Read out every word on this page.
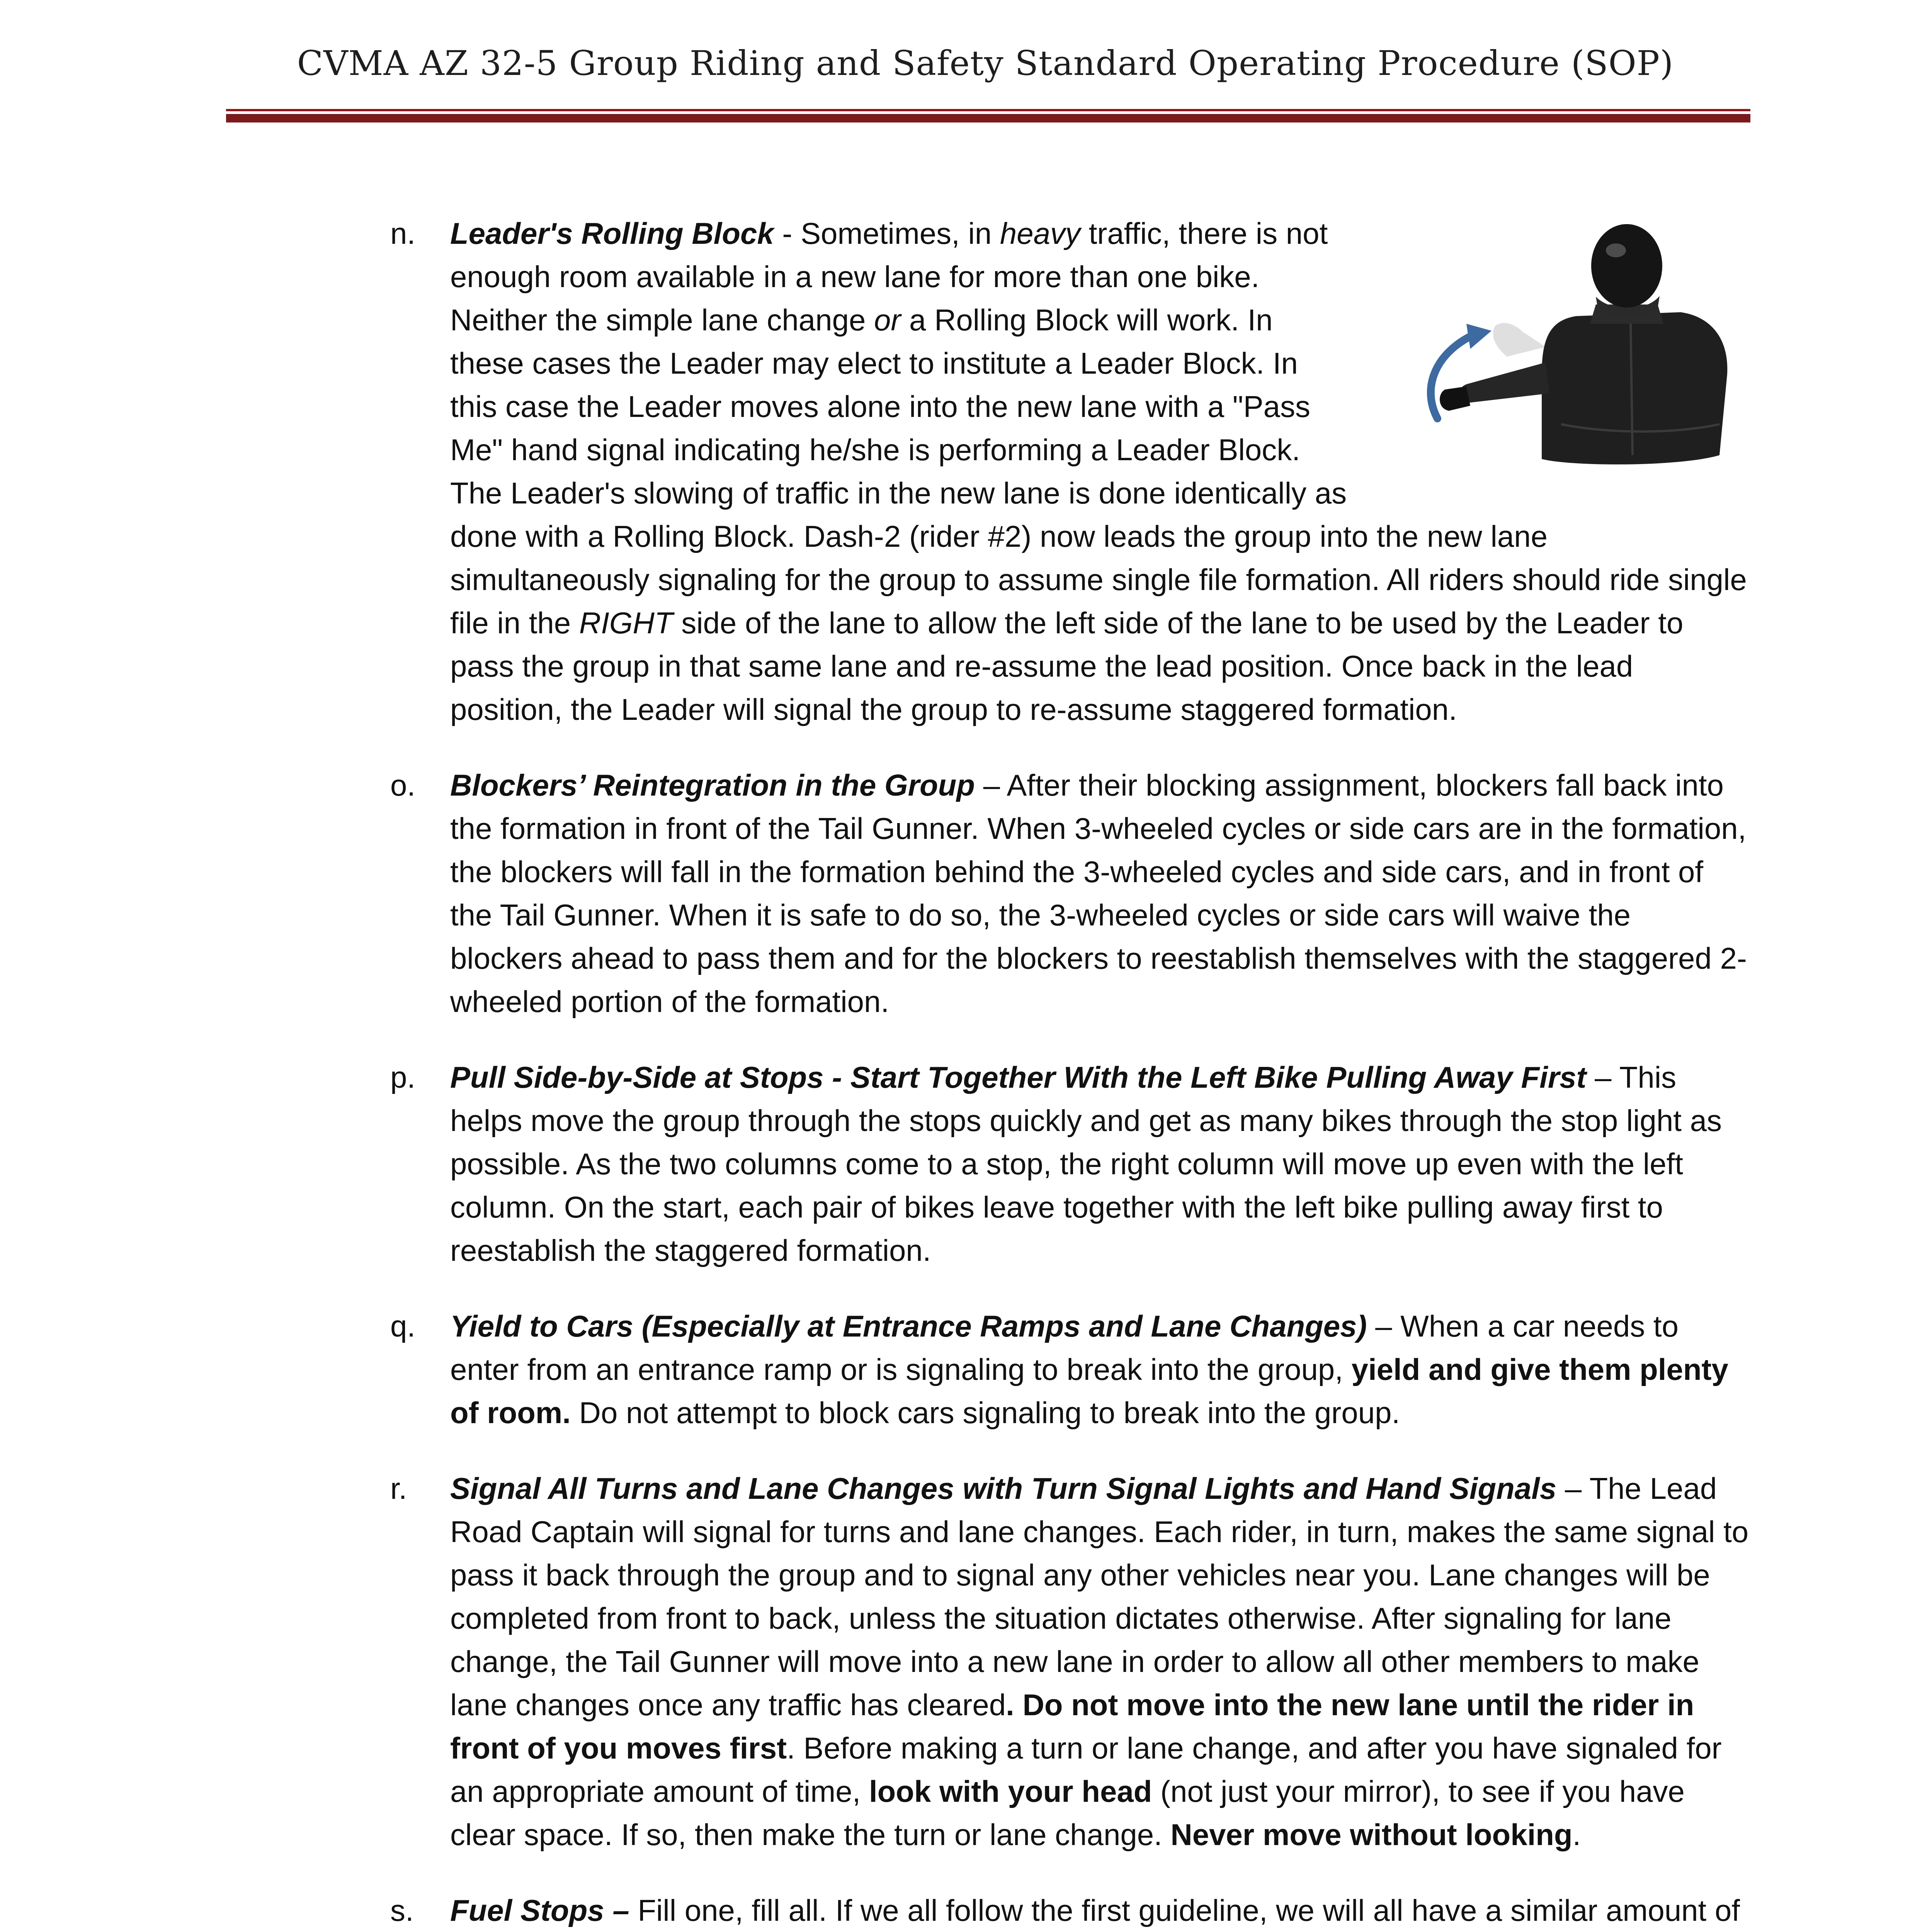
CVMA AZ 32-5 Group Riding and Safety Standard Operating Procedure (SOP)
n. Leader's Rolling Block - Sometimes, in heavy traffic, there is not enough room available in a new lane for more than one bike. Neither the simple lane change or a Rolling Block will work. In these cases the Leader may elect to institute a Leader Block. In this case the Leader moves alone into the new lane with a "Pass Me" hand signal indicating he/she is performing a Leader Block. The Leader's slowing of traffic in the new lane is done identically as done with a Rolling Block. Dash-2 (rider #2) now leads the group into the new lane simultaneously signaling for the group to assume single file formation. All riders should ride single file in the RIGHT side of the lane to allow the left side of the lane to be used by the Leader to pass the group in that same lane and re-assume the lead position. Once back in the lead position, the Leader will signal the group to re-assume staggered formation.
o. Blockers’ Reintegration in the Group – After their blocking assignment, blockers fall back into the formation in front of the Tail Gunner. When 3-wheeled cycles or side cars are in the formation, the blockers will fall in the formation behind the 3-wheeled cycles and side cars, and in front of the Tail Gunner. When it is safe to do so, the 3-wheeled cycles or side cars will waive the blockers ahead to pass them and for the blockers to reestablish themselves with the staggered 2-wheeled portion of the formation.
p. Pull Side-by-Side at Stops - Start Together With the Left Bike Pulling Away First – This helps move the group through the stops quickly and get as many bikes through the stop light as possible. As the two columns come to a stop, the right column will move up even with the left column. On the start, each pair of bikes leave together with the left bike pulling away first to reestablish the staggered formation.
q. Yield to Cars (Especially at Entrance Ramps and Lane Changes) – When a car needs to enter from an entrance ramp or is signaling to break into the group, yield and give them plenty of room. Do not attempt to block cars signaling to break into the group.
r. Signal All Turns and Lane Changes with Turn Signal Lights and Hand Signals – The Lead Road Captain will signal for turns and lane changes. Each rider, in turn, makes the same signal to pass it back through the group and to signal any other vehicles near you. Lane changes will be completed from front to back, unless the situation dictates otherwise. After signaling for lane change, the Tail Gunner will move into a new lane in order to allow all other members to make lane changes once any traffic has cleared. Do not move into the new lane until the rider in front of you moves first. Before making a turn or lane change, and after you have signaled for an appropriate amount of time, look with your head (not just your mirror), to see if you have clear space. If so, then make the turn or lane change. Never move without looking.
s. Fuel Stops – Fill one, fill all. If we all follow the first guideline, we will all have a similar amount of
